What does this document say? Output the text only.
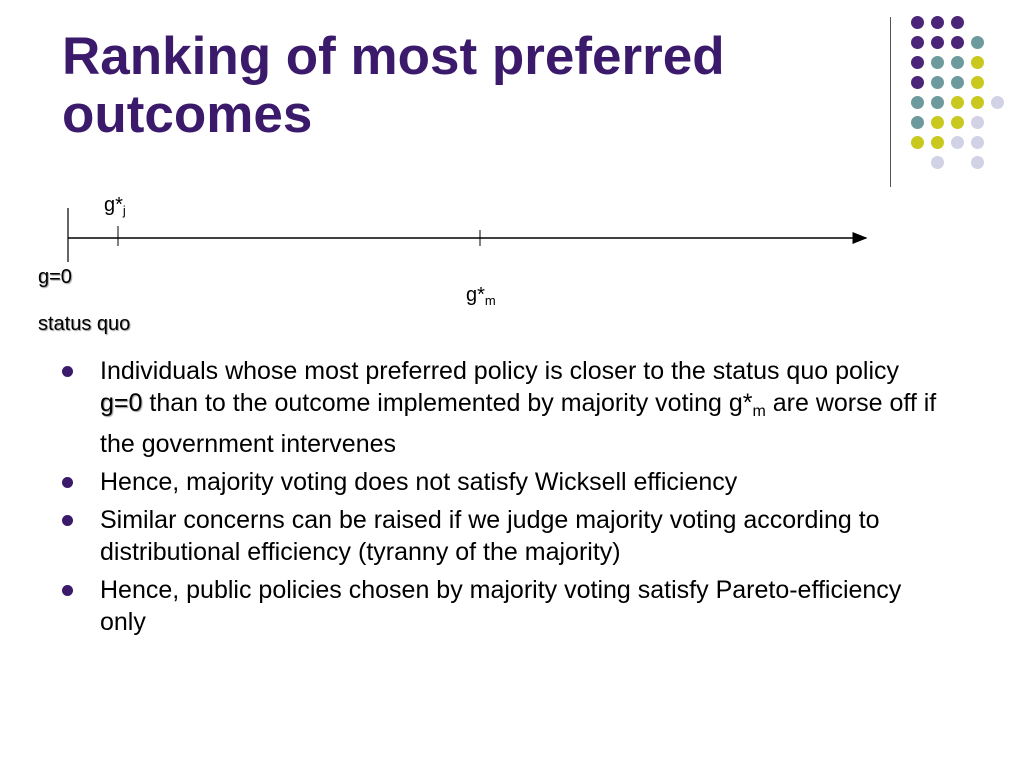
Ranking of most preferred
outcomes
$g*_j$
g=0
$g*_m$
status quo
Individuals whose most preferred policy is closer to the status quo policy g=0 than to the outcome implemented by majority voting $g*_m$ are worse off if the government intervenes
Hence, majority voting does not satisfy Wicksell efficiency
Similar concerns can be raised if we judge majority voting according to distributional efficiency (tyranny of the majority)
Hence, public policies chosen by majority voting satisfy Pareto-efficiency only
